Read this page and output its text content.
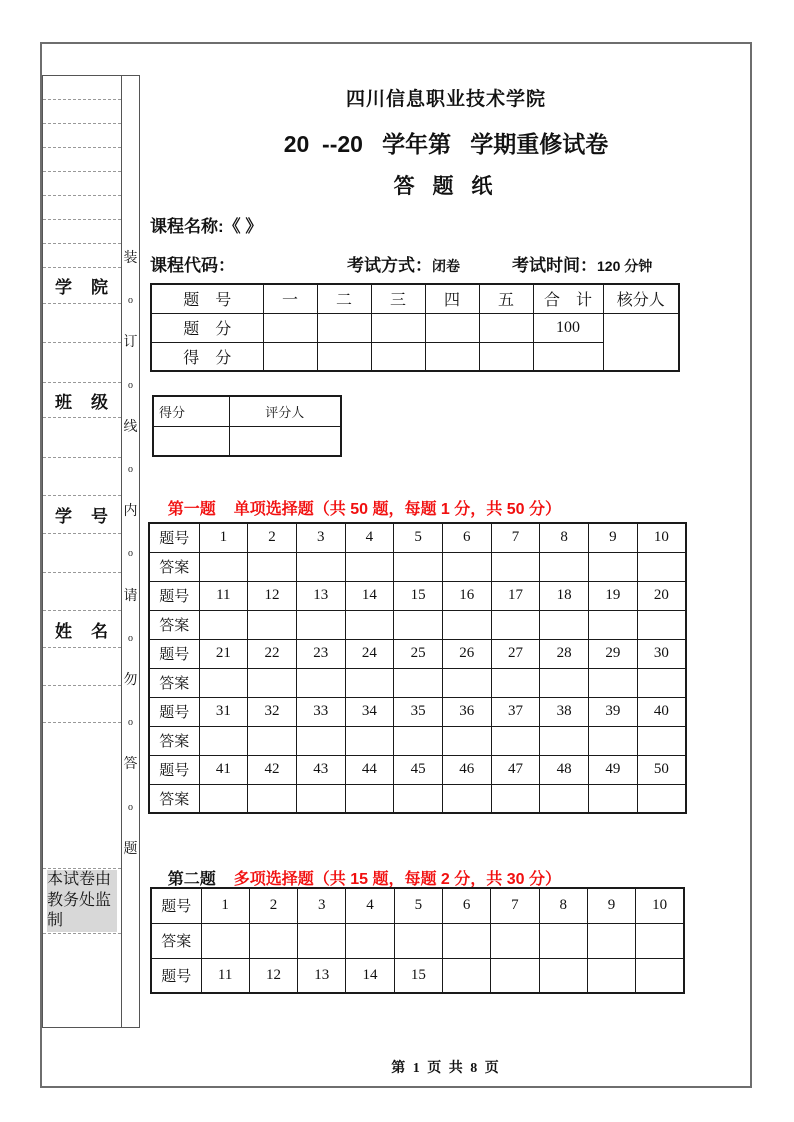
学　院
班　级
学　号
姓　名
本试卷由教务处监制
装
o
订
o
线
o
内
o
请
o
勿
o
答
o
题
四川信息职业技术学院
20  --20   学年第   学期重修试卷
答 题 纸
课程名称:《 》
课程代码：	考试方式：闭卷	考试时间：120 分钟
题　号	一	二	三	四	五	合　计	核分人
题　分						100	
得　分							
得分	评分人

第一题 单项选择题（共 50 题，每题 1 分，共 50 分）

题号	1	2	3	4	5	6	7	8	9	10
答案										
题号	11	12	13	14	15	16	17	18	19	20
答案										
题号	21	22	23	24	25	26	27	28	29	30
答案										
题号	31	32	33	34	35	36	37	38	39	40
答案										
题号	41	42	43	44	45	46	47	48	49	50
答案										

第二题 多项选择题（共 15 题，每题 2 分，共 30 分）

题号	1	2	3	4	5	6	7	8	9	10
答案										
题号	11	12	13	14	15					
第 1 页 共 8 页
